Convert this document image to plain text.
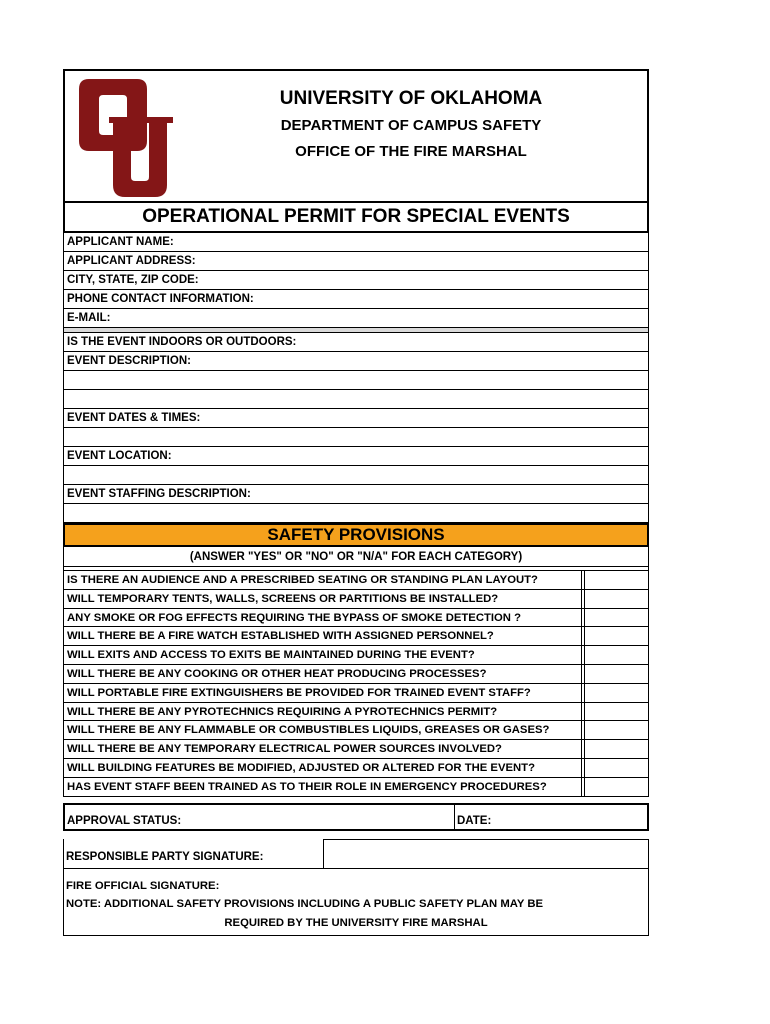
UNIVERSITY OF OKLAHOMA
DEPARTMENT OF CAMPUS SAFETY
OFFICE OF THE FIRE MARSHAL
OPERATIONAL PERMIT FOR SPECIAL EVENTS
APPLICANT NAME:
APPLICANT ADDRESS:
CITY, STATE, ZIP CODE:
PHONE CONTACT INFORMATION:
E-MAIL:
IS THE EVENT INDOORS OR OUTDOORS:
EVENT DESCRIPTION:
EVENT DATES & TIMES:
EVENT LOCATION:
EVENT STAFFING DESCRIPTION:
SAFETY PROVISIONS
(ANSWER "YES" OR "NO" OR "N/A" FOR EACH CATEGORY)
IS THERE AN AUDIENCE AND A PRESCRIBED SEATING OR STANDING PLAN LAYOUT?
WILL TEMPORARY TENTS, WALLS, SCREENS OR PARTITIONS BE INSTALLED?
ANY SMOKE OR FOG EFFECTS REQUIRING THE BYPASS OF SMOKE DETECTION ?
WILL THERE BE A FIRE WATCH ESTABLISHED WITH ASSIGNED PERSONNEL?
WILL EXITS AND ACCESS TO EXITS BE MAINTAINED DURING THE EVENT?
WILL THERE BE ANY COOKING OR OTHER HEAT PRODUCING PROCESSES?
WILL PORTABLE FIRE EXTINGUISHERS BE PROVIDED FOR TRAINED EVENT STAFF?
WILL THERE BE ANY PYROTECHNICS REQUIRING A PYROTECHNICS PERMIT?
WILL THERE BE ANY FLAMMABLE OR COMBUSTIBLES LIQUIDS, GREASES OR GASES?
WILL THERE BE ANY TEMPORARY ELECTRICAL POWER SOURCES INVOLVED?
WILL BUILDING FEATURES BE MODIFIED, ADJUSTED OR ALTERED FOR THE EVENT?
HAS EVENT STAFF BEEN TRAINED AS TO THEIR ROLE IN EMERGENCY PROCEDURES?
APPROVAL STATUS:	DATE:
RESPONSIBLE PARTY SIGNATURE:
FIRE OFFICIAL SIGNATURE:
NOTE: ADDITIONAL SAFETY PROVISIONS INCLUDING A PUBLIC SAFETY PLAN MAY BE
REQUIRED BY THE UNIVERSITY FIRE MARSHAL
